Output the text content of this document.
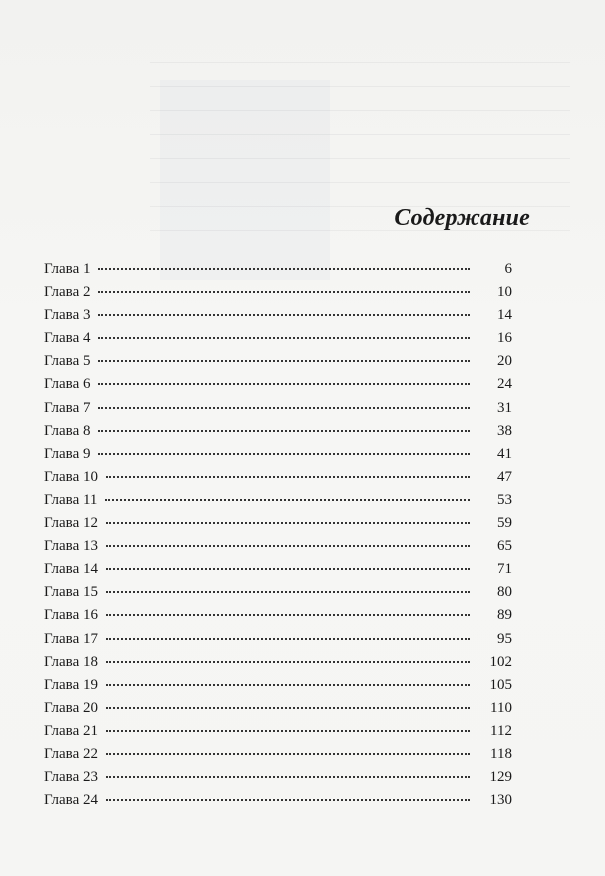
Содержание
Глава 1	6
Глава 2	10
Глава 3	14
Глава 4	16
Глава 5	20
Глава 6	24
Глава 7	31
Глава 8	38
Глава 9	41
Глава 10	47
Глава 11	53
Глава 12	59
Глава 13	65
Глава 14	71
Глава 15	80
Глава 16	89
Глава 17	95
Глава 18	102
Глава 19	105
Глава 20	110
Глава 21	112
Глава 22	118
Глава 23	129
Глава 24	130
